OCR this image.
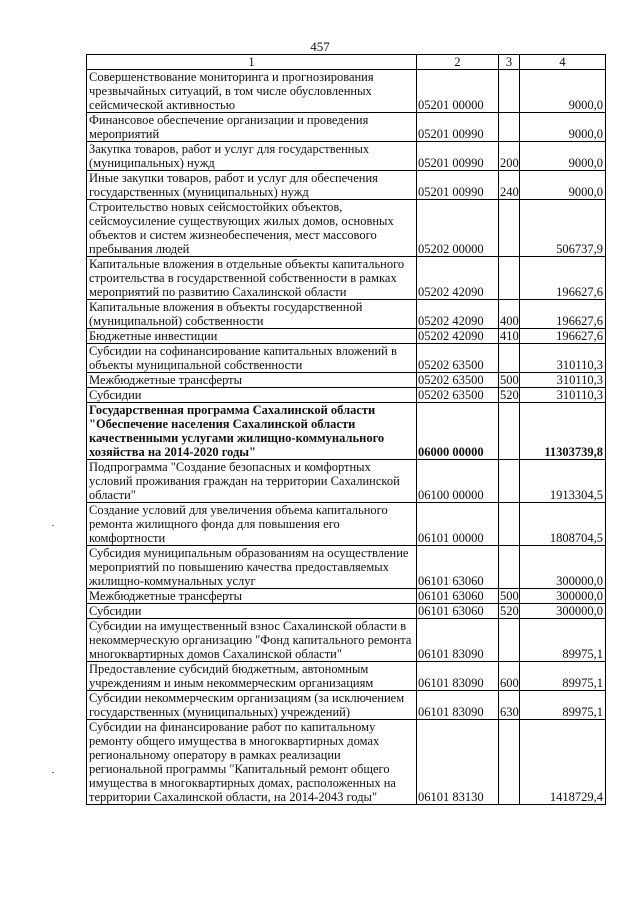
457
1	2	3	4
Совершенствование мониторинга и прогнозирования чрезвычайных ситуаций, в том числе обусловленных сейсмической активностью	05201 00000		9000,0
Финансовое обеспечение организации и проведения мероприятий	05201 00990		9000,0
Закупка товаров, работ и услуг для государственных (муниципальных) нужд	05201 00990	200	9000,0
Иные закупки товаров, работ и услуг для обеспечения государственных (муниципальных) нужд	05201 00990	240	9000,0
Строительство новых сейсмостойких объектов, сейсмоусиление существующих жилых домов, основных объектов и систем жизнеобеспечения, мест массового пребывания людей	05202 00000		506737,9
Капитальные вложения в отдельные объекты капитального строительства в государственной собственности в рамках мероприятий по развитию Сахалинской области	05202 42090		196627,6
Капитальные вложения в объекты государственной (муниципальной) собственности	05202 42090	400	196627,6
Бюджетные инвестиции	05202 42090	410	196627,6
Субсидии на софинансирование капитальных вложений в объекты муниципальной собственности	05202 63500		310110,3
Межбюджетные трансферты	05202 63500	500	310110,3
Субсидии	05202 63500	520	310110,3
Государственная программа Сахалинской области "Обеспечение населения Сахалинской области качественными услугами жилищно-коммунального хозяйства на 2014-2020 годы"	06000 00000		11303739,8
Подпрограмма "Создание безопасных и комфортных условий проживания граждан на территории Сахалинской области"	06100 00000		1913304,5
Создание условий для увеличения объема капитального ремонта жилищного фонда для повышения его комфортности	06101 00000		1808704,5
Субсидия муниципальным образованиям на осуществление мероприятий по повышению качества предоставляемых жилищно-коммунальных услуг	06101 63060		300000,0
Межбюджетные трансферты	06101 63060	500	300000,0
Субсидии	06101 63060	520	300000,0
Субсидии на имущественный взнос Сахалинской области в некоммерческую организацию "Фонд капитального ремонта многоквартирных домов Сахалинской области"	06101 83090		89975,1
Предоставление субсидий бюджетным, автономным учреждениям и иным некоммерческим организациям	06101 83090	600	89975,1
Субсидии некоммерческим организациям (за исключением государственных (муниципальных) учреждений)	06101 83090	630	89975,1
Субсидии на финансирование работ по капитальному ремонту общего имущества в многоквартирных домах региональному оператору в рамках реализации региональной программы "Капитальный ремонт общего имущества в многоквартирных домах, расположенных на территории Сахалинской области, на 2014-2043 годы"	06101 83130		1418729,4
